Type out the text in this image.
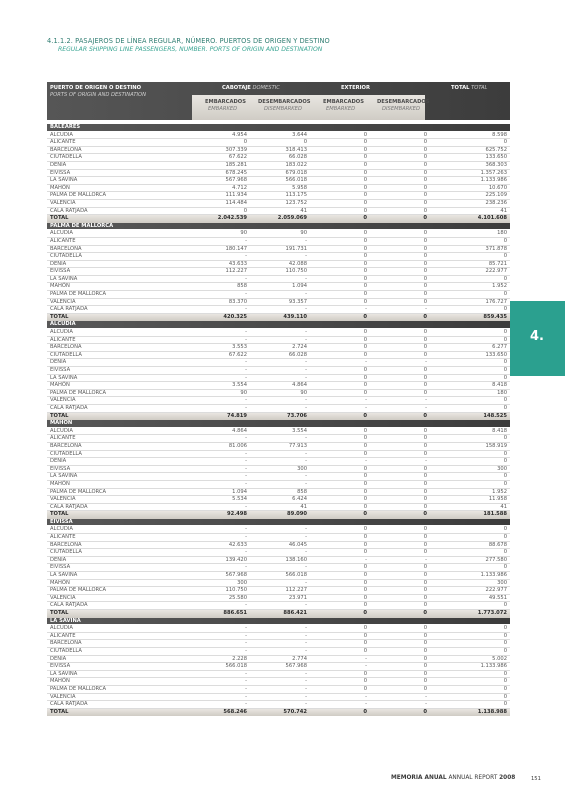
4.1.1.2. PASAJEROS DE LÍNEA REGULAR, NÚMERO. PUERTOS DE ORIGEN Y DESTINO
REGULAR SHIPPING LINE PASSENGERS, NUMBER. PORTS OF ORIGIN AND DESTINATION
PUERTO DE ORIGEN O DESTINO
PORTS OF ORIGIN AND DESTINATION
CABOTAJE DOMESTIC	EXTERIOR	TOTAL TOTAL
EMBARCADOS
EMBARKED
DESEMBARCADOS
DISEMBARKED
EMBARCADOS
EMBARKED
DESEMBARCADOS
DISEMBARKED
BALEARES
ALCUDIA	4.954	3.644	0	0	8.598
ALICANTE	0	0	0	0	0
BARCELONA	307.339	318.413	0	0	625.752
CIUTADELLA	67.622	66.028	0	0	133.650
DENIA	185.281	183.022	0	0	368.303
EIVISSA	678.245	679.018	0	0	1.357.263
LA SAVINA	567.968	566.018	0	0	1.133.986
MAHÓN	4.712	5.958	0	0	10.670
PALMA DE MALLORCA	111.934	113.175	0	0	225.109
VALENCIA	114.484	123.752	0	0	238.236
CALA RATJADA	0	41	0	0	41
TOTAL	2.042.539	2.059.069	0	0	4.101.608
PALMA DE MALLORCA
ALCUDIA	90	90	0	0	180
ALICANTE	-	-	0	0	0
BARCELONA	180.147	191.731	0	0	371.878
CIUTADELLA	-	-	0	0	0
DENIA	43.633	42.088	0	0	85.721
EIVISSA	112.227	110.750	0	0	222.977
LA SAVINA	-	-	0	0	0
MAHÓN	858	1.094	0	0	1.952
PALMA DE MALLORCA	-	-	0	0	0
VALENCIA	83.370	93.357	0	0	176.727
CALA RATJADA	-	-	-	-	0
TOTAL	420.325	439.110	0	0	859.435
ALCUDIA
ALCUDIA	-	-	0	0	0
ALICANTE	-	-	0	0	0
BARCELONA	3.553	2.724	0	0	6.277
CIUTADELLA	67.622	66.028	0	0	133.650
DENIA	-	-	-	-	0
EIVISSA	-	-	0	0	0
LA SAVINA	-	-	0	0	0
MAHÓN	3.554	4.864	0	0	8.418
PALMA DE MALLORCA	90	90	0	0	180
VALENCIA	-	-	-	-	0
CALA RATJADA	-	-	-	-	0
TOTAL	74.819	73.706	0	0	148.525
MAHÓN
ALCUDIA	4.864	3.554	0	0	8.418
ALICANTE	-	-	0	0	0
BARCELONA	81.006	77.913	0	0	158.919
CIUTADELLA	-	-	0	0	0
DENIA	-	-	-	-	0
EIVISSA	-	300	0	0	300
LA SAVINA	-	-	0	0	0
MAHÓN	-	-	0	0	0
PALMA DE MALLORCA	1.094	858	0	0	1.952
VALENCIA	5.534	6.424	0	0	11.958
CALA RATJADA	-	41	0	0	41
TOTAL	92.498	89.090	0	0	181.588
EIVISSA
ALCUDIA	-	-	0	0	0
ALICANTE	-	-	0	0	0
BARCELONA	42.633	46.045	0	0	88.678
CIUTADELLA	-	-	0	0	0
DENIA	139.420	138.160	-	-	277.580
EIVISSA	-	-	0	0	0
LA SAVINA	567.968	566.018	0	0	1.133.986
MAHÓN	300	-	0	0	300
PALMA DE MALLORCA	110.750	112.227	0	0	222.977
VALENCIA	25.580	23.971	0	0	49.551
CALA RATJADA	-	-	0	0	0
TOTAL	886.651	886.421	0	0	1.773.072
LA SAVINA
ALCUDIA	-	-	0	0	0
ALICANTE	-	-	0	0	0
BARCELONA	-	-	0	0	0
CIUTADELLA	-	-	0	0	0
DENIA	2.228	2.774	-	0	5.002
EIVISSA	566.018	567.968	-	0	1.133.986
LA SAVINA	-	-	0	0	0
MAHÓN	-	-	0	0	0
PALMA DE MALLORCA	-	-	0	0	0
VALENCIA	-	-	-	-	0
CALA RATJADA	-	-	-	-	0
TOTAL	568.246	570.742	0	0	1.138.988
4.
MEMORIA ANUAL ANNUAL REPORT 2008	151
